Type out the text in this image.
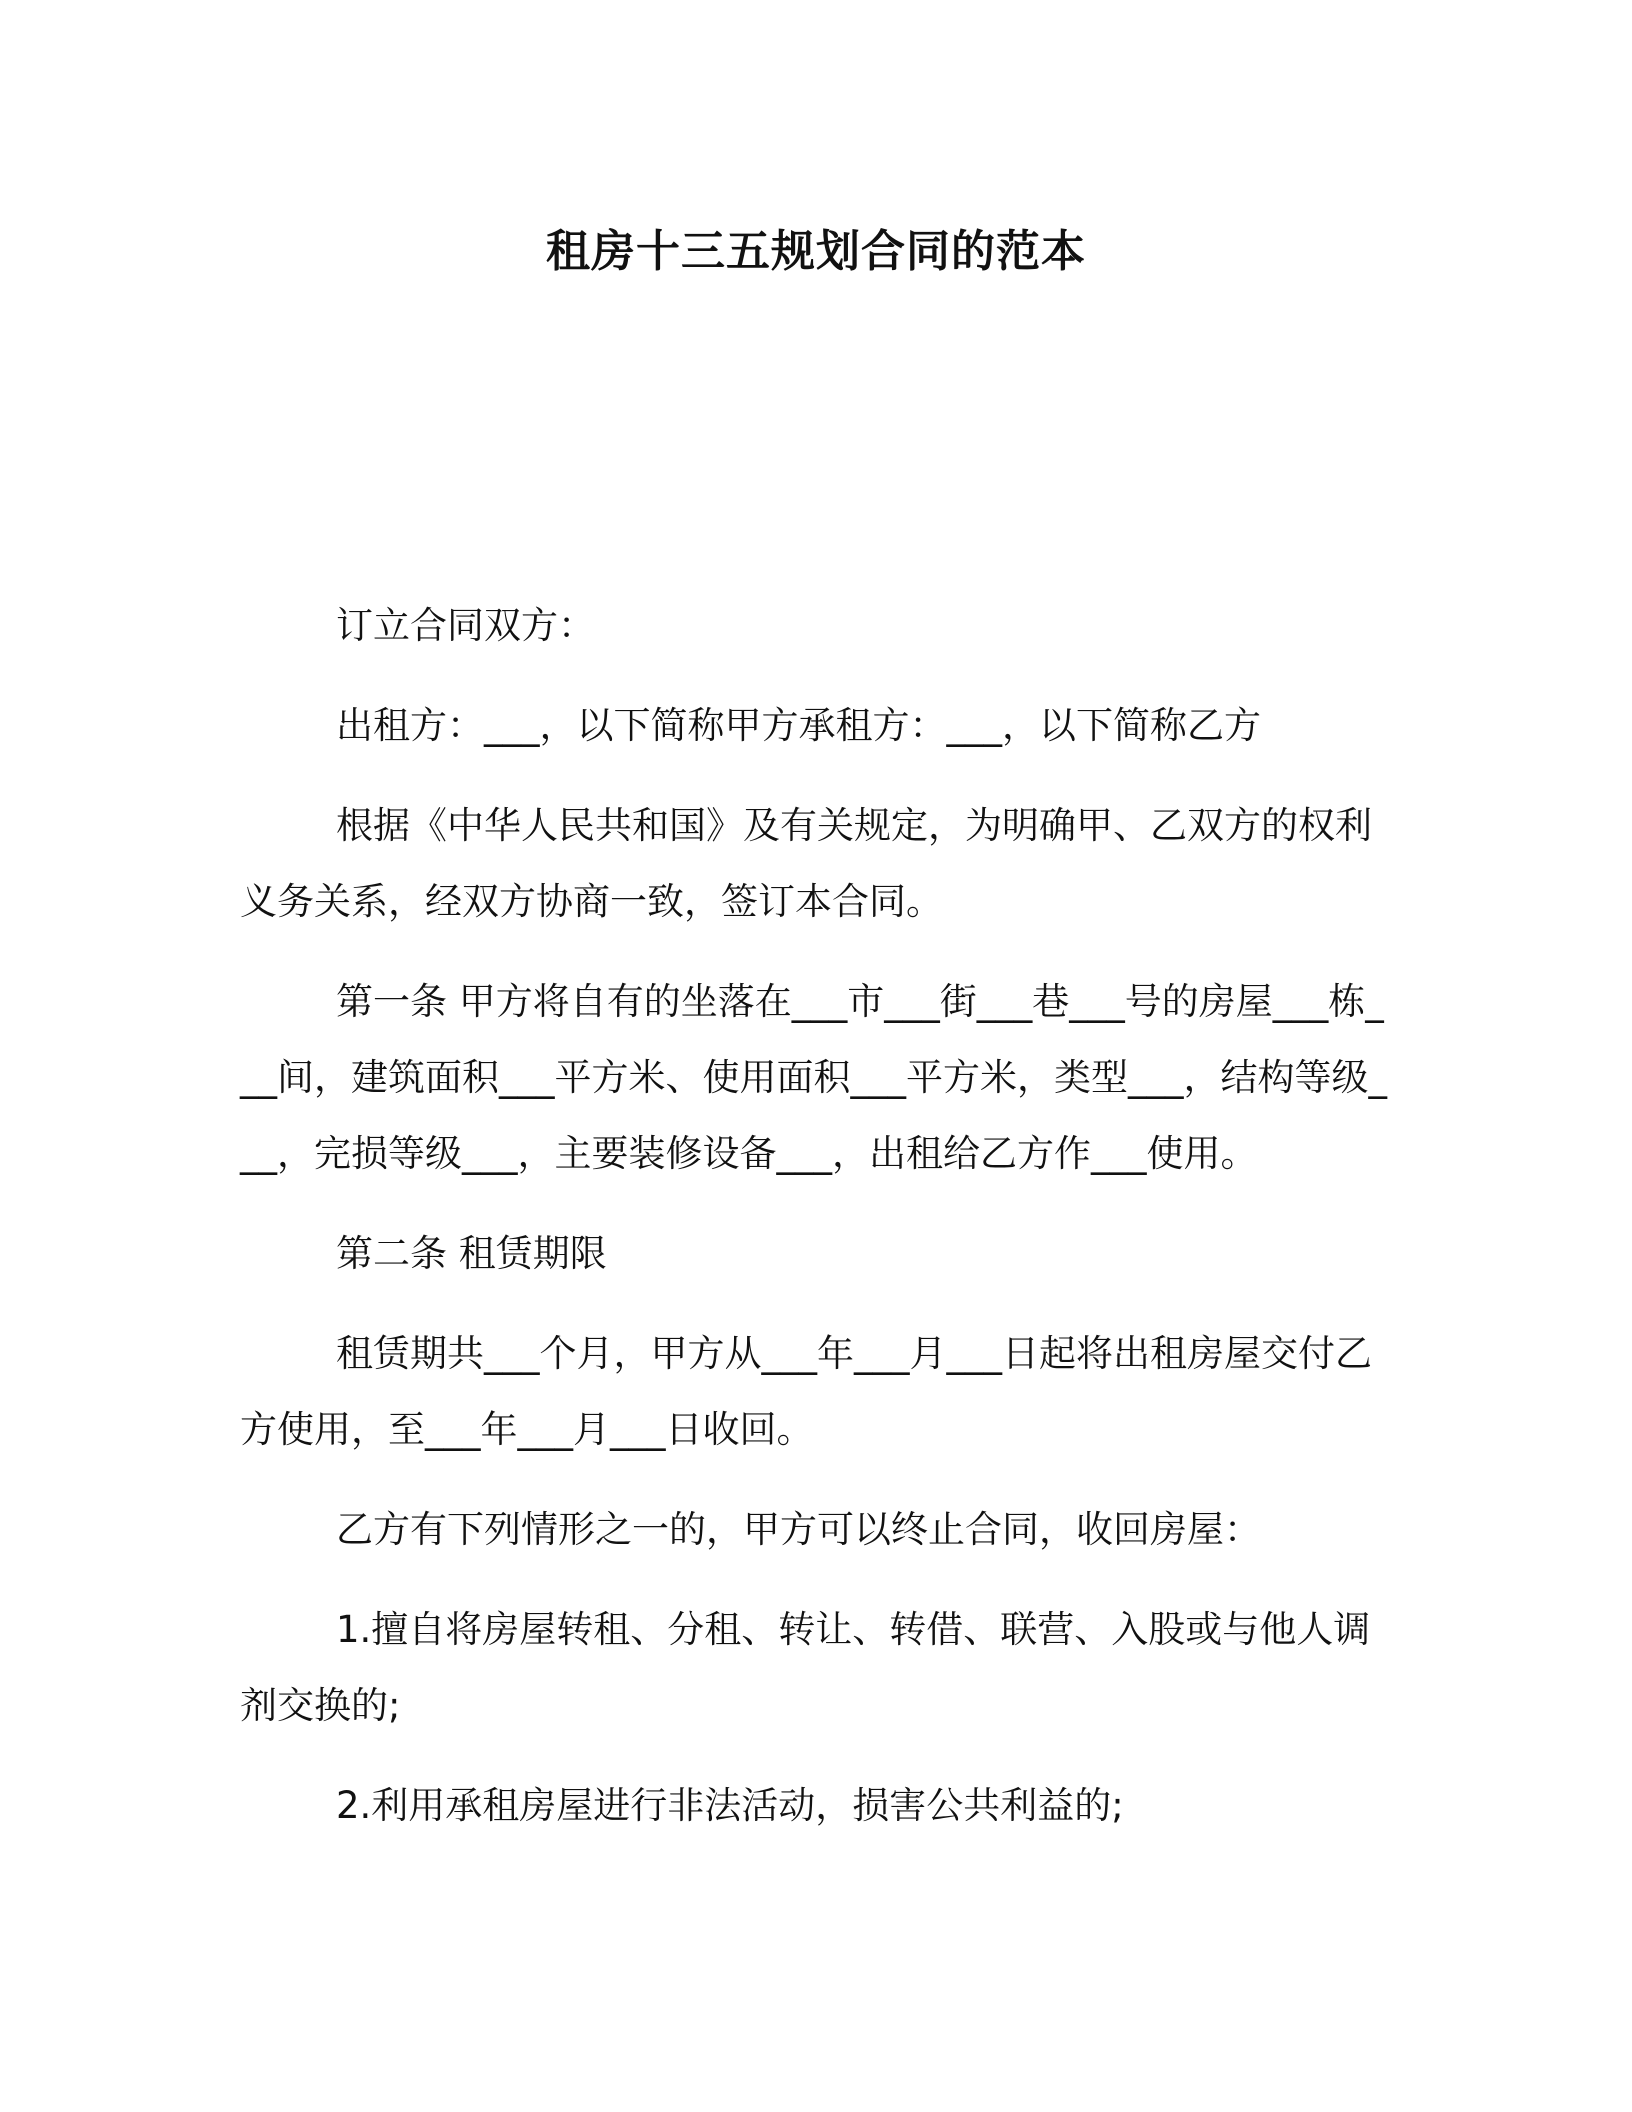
租房十三五规划合同的范本

订立合同双方：

出租方：___，以下简称甲方承租方：___，以下简称乙方

根据《中华人民共和国》及有关规定，为明确甲、乙双方的权利义务关系，经双方协商一致，签订本合同。

第一条 甲方将自有的坐落在___市___街___巷___号的房屋___栋___间，建筑面积___平方米、使用面积___平方米，类型___，结构等级___，完损等级___，主要装修设备___，出租给乙方作___使用。

第二条 租赁期限

租赁期共___个月，甲方从___年___月___日起将出租房屋交付乙方使用，至___年___月___日收回。

乙方有下列情形之一的，甲方可以终止合同，收回房屋：

1.擅自将房屋转租、分租、转让、转借、联营、入股或与他人调剂交换的;

2.利用承租房屋进行非法活动，损害公共利益的;
